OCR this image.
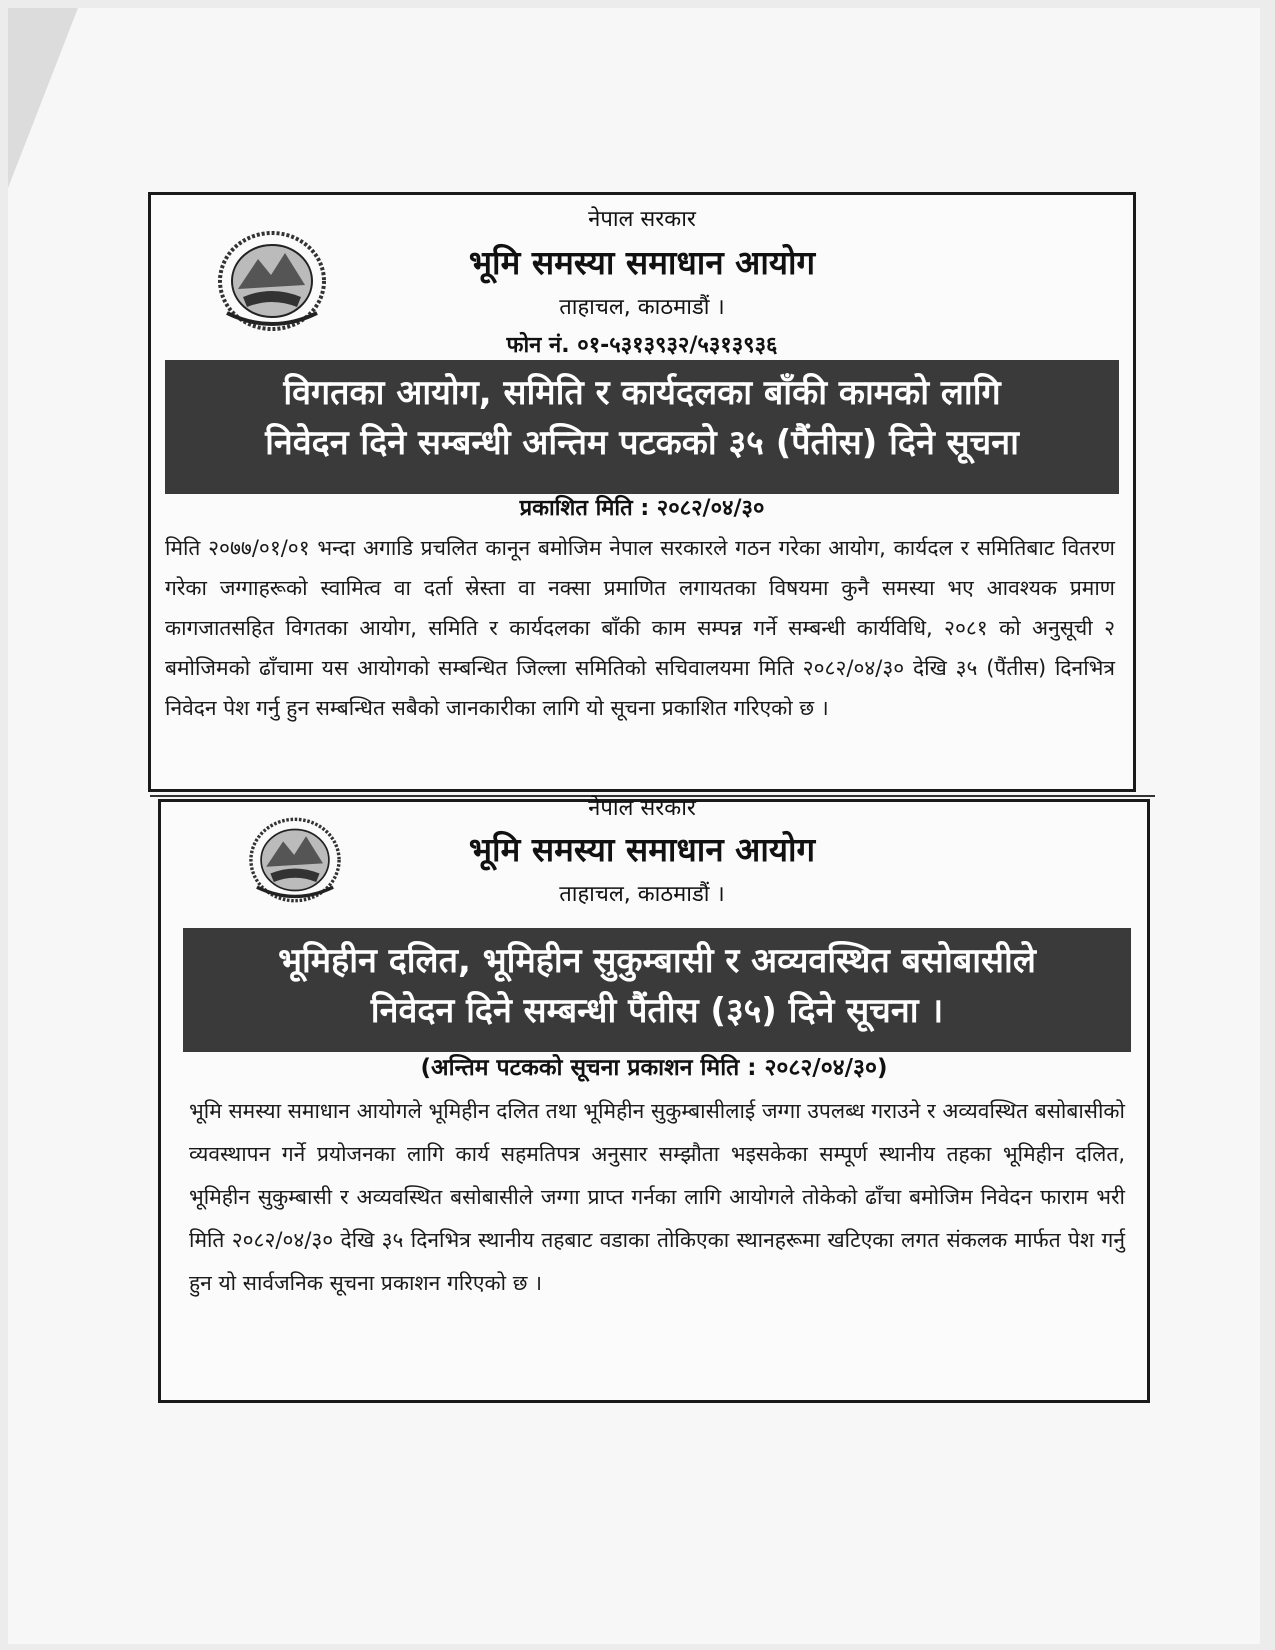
नेपाल सरकार
भूमि समस्या समाधान आयोग
ताहाचल, काठमाडौं ।
फोन नं. ०१-५३१३९३२/५३१३९३६
विगतका आयोग, समिति र कार्यदलका बाँकी कामको लागि
निवेदन दिने सम्बन्धी अन्तिम पटकको ३५ (पैंतीस) दिने सूचना
प्रकाशित मिति : २०८२/०४/३०
मिति २०७७/०१/०१ भन्दा अगाडि प्रचलित कानून बमोजिम नेपाल सरकारले गठन गरेका आयोग, कार्यदल र समितिबाट वितरण गरेका जग्गाहरूको स्वामित्व वा दर्ता स्रेस्ता वा नक्सा प्रमाणित लगायतका विषयमा कुनै समस्या भए आवश्यक प्रमाण कागजातसहित विगतका आयोग, समिति र कार्यदलका बाँकी काम सम्पन्न गर्ने सम्बन्धी कार्यविधि, २०८१ को अनुसूची २ बमोजिमको ढाँचामा यस आयोगको सम्बन्धित जिल्ला समितिको सचिवालयमा मिति २०८२/०४/३० देखि ३५ (पैंतीस) दिनभित्र निवेदन पेश गर्नु हुन सम्बन्धित सबैको जानकारीका लागि यो सूचना प्रकाशित गरिएको छ ।
नेपाल सरकार
भूमि समस्या समाधान आयोग
ताहाचल, काठमाडौं ।
भूमिहीन दलित, भूमिहीन सुकुम्बासी र अव्यवस्थित बसोबासीले
निवेदन दिने सम्बन्धी पैंतीस (३५) दिने सूचना ।
(अन्तिम पटकको सूचना प्रकाशन मिति : २०८२/०४/३०)
भूमि समस्या समाधान आयोगले भूमिहीन दलित तथा भूमिहीन सुकुम्बासीलाई जग्गा उपलब्ध गराउने र अव्यवस्थित बसोबासीको व्यवस्थापन गर्ने प्रयोजनका लागि कार्य सहमतिपत्र अनुसार सम्झौता भइसकेका सम्पूर्ण स्थानीय तहका भूमिहीन दलित, भूमिहीन सुकुम्बासी र अव्यवस्थित बसोबासीले जग्गा प्राप्त गर्नका लागि आयोगले तोकेको ढाँचा बमोजिम निवेदन फाराम भरी मिति २०८२/०४/३० देखि ३५ दिनभित्र स्थानीय तहबाट वडाका तोकिएका स्थानहरूमा खटिएका लगत संकलक मार्फत पेश गर्नु हुन यो सार्वजनिक सूचना प्रकाशन गरिएको छ ।
